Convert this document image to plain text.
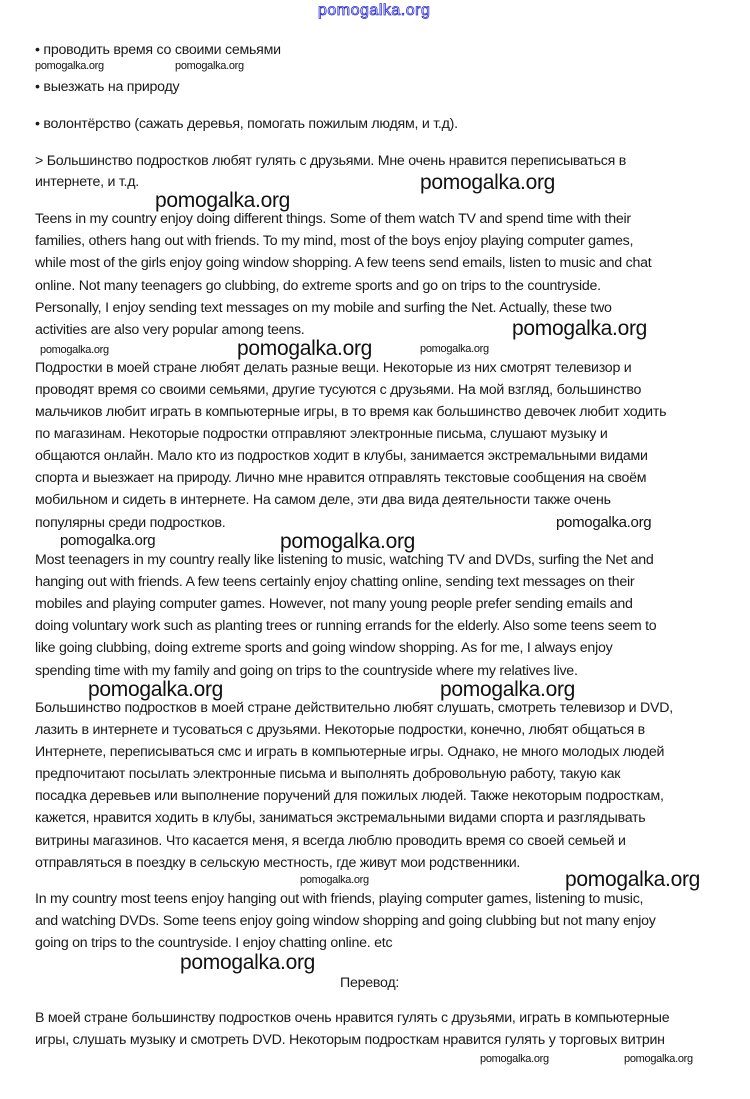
pomogalka.org
• проводить время со своими семьями
• выезжать на природу
• волонтёрство (сажать деревья, помогать пожилым людям, и т.д).
> Большинство подростков любят гулять с друзьями. Мне очень нравится переписываться в
интернете, и т.д.
Teens in my country enjoy doing different things. Some of them watch TV and spend time with their
families, others hang out with friends. To my mind, most of the boys enjoy playing computer games,
while most of the girls enjoy going window shopping. A few teens send emails, listen to music and chat
online. Not many teenagers go clubbing, do extreme sports and go on trips to the countryside.
Personally, I enjoy sending text messages on my mobile and surfing the Net. Actually, these two
activities are also very popular among teens.
Подростки в моей стране любят делать разные вещи. Некоторые из них смотрят телевизор и
проводят время со своими семьями, другие тусуются с друзьями. На мой взгляд, большинство
мальчиков любит играть в компьютерные игры, в то время как большинство девочек любит ходить
по магазинам. Некоторые подростки отправляют электронные письма, слушают музыку и
общаются онлайн. Мало кто из подростков ходит в клубы, занимается экстремальными видами
спорта и выезжает на природу. Лично мне нравится отправлять текстовые сообщения на своём
мобильном и сидеть в интернете. На самом деле, эти два вида деятельности также очень
популярны среди подростков.
Most teenagers in my country really like listening to music, watching TV and DVDs, surfing the Net and
hanging out with friends. A few teens certainly enjoy chatting online, sending text messages on their
mobiles and playing computer games. However, not many young people prefer sending emails and
doing voluntary work such as planting trees or running errands for the elderly. Also some teens seem to
like going clubbing, doing extreme sports and going window shopping. As for me, I always enjoy
spending time with my family and going on trips to the countryside where my relatives live.
Большинство подростков в моей стране действительно любят слушать, смотреть телевизор и DVD,
лазить в интернете и тусоваться с друзьями. Некоторые подростки, конечно, любят общаться в
Интернете, переписываться смс и играть в компьютерные игры. Однако, не много молодых людей
предпочитают посылать электронные письма и выполнять добровольную работу, такую как
посадка деревьев или выполнение поручений для пожилых людей. Также некоторым подросткам,
кажется, нравится ходить в клубы, заниматься экстремальными видами спорта и разглядывать
витрины магазинов. Что касается меня, я всегда люблю проводить время со своей семьей и
отправляться в поездку в сельскую местность, где живут мои родственники.
In my country most teens enjoy hanging out with friends, playing computer games, listening to music,
and watching DVDs. Some teens enjoy going window shopping and going clubbing but not many enjoy
going on trips to the countryside. I enjoy chatting online. etc
В моей стране большинству подростков очень нравится гулять с друзьями, играть в компьютерные
игры, слушать музыку и смотреть DVD. Некоторым подросткам нравится гулять у торговых витрин
Перевод:
pomogalka.org	pomogalka.org
pomogalka.org
pomogalka.org
pomogalka.org
pomogalka.org	pomogalka.org	pomogalka.org
pomogalka.org
pomogalka.org	pomogalka.org
pomogalka.org	pomogalka.org
pomogalka.org	pomogalka.org
pomogalka.org
pomogalka.org	pomogalka.org
